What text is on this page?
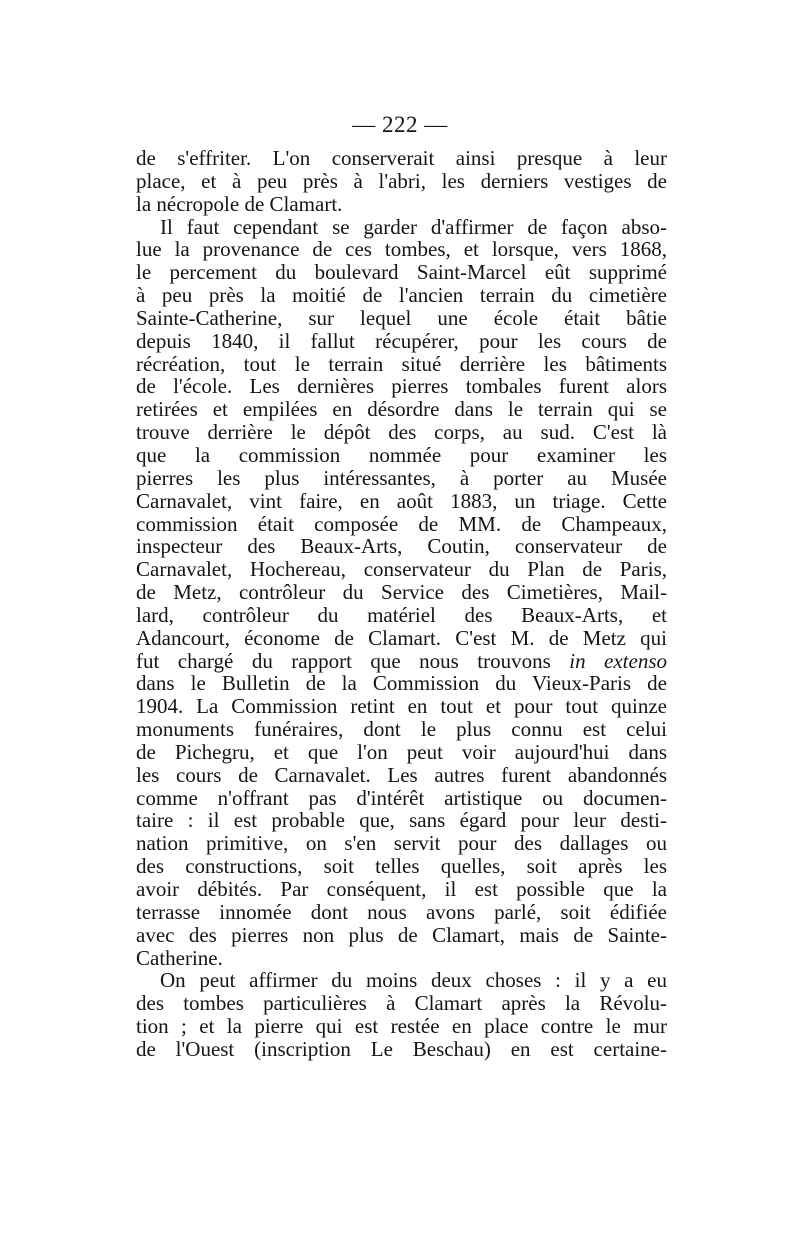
— 222 —
de s'effriter. L'on conserverait ainsi presque à leur
place, et à peu près à l'abri, les derniers vestiges de
la nécropole de Clamart.
Il faut cependant se garder d'affirmer de façon abso-
lue la provenance de ces tombes, et lorsque, vers 1868,
le percement du boulevard Saint-Marcel eût supprimé
à peu près la moitié de l'ancien terrain du cimetière
Sainte-Catherine, sur lequel une école était bâtie
depuis 1840, il fallut récupérer, pour les cours de
récréation, tout le terrain situé derrière les bâtiments
de l'école. Les dernières pierres tombales furent alors
retirées et empilées en désordre dans le terrain qui se
trouve derrière le dépôt des corps, au sud. C'est là
que la commission nommée pour examiner les
pierres les plus intéressantes, à porter au Musée
Carnavalet, vint faire, en août 1883, un triage. Cette
commission était composée de MM. de Champeaux,
inspecteur des Beaux-Arts, Coutin, conservateur de
Carnavalet, Hochereau, conservateur du Plan de Paris,
de Metz, contrôleur du Service des Cimetières, Mail-
lard, contrôleur du matériel des Beaux-Arts, et
Adancourt, économe de Clamart. C'est M. de Metz qui
fut chargé du rapport que nous trouvons in extenso
dans le Bulletin de la Commission du Vieux-Paris de
1904. La Commission retint en tout et pour tout quinze
monuments funéraires, dont le plus connu est celui
de Pichegru, et que l'on peut voir aujourd'hui dans
les cours de Carnavalet. Les autres furent abandonnés
comme n'offrant pas d'intérêt artistique ou documen-
taire : il est probable que, sans égard pour leur desti-
nation primitive, on s'en servit pour des dallages ou
des constructions, soit telles quelles, soit après les
avoir débités. Par conséquent, il est possible que la
terrasse innomée dont nous avons parlé, soit édifiée
avec des pierres non plus de Clamart, mais de Sainte-
Catherine.
On peut affirmer du moins deux choses : il y a eu
des tombes particulières à Clamart après la Révolu-
tion ; et la pierre qui est restée en place contre le mur
de l'Ouest (inscription Le Beschau) en est certaine-
